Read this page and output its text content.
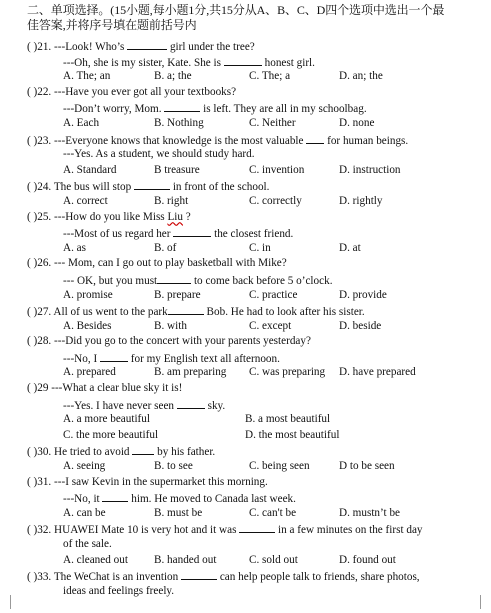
二、单项选择。(15小题,每小题1分,共15分从A、B、C、D四个选项中选出一个最
佳答案,并将序号填在题前括号内
( )21. ---Look! Who’s	girl under the tree?
---Oh, she is my sister, Kate. She is	honest girl.
A. The; an	B. a; the	C. The; a	D. an; the
( )22. ---Have you ever got all your textbooks?
---Don’t worry, Mom.	is left. They are all in my schoolbag.
A. Each	B. Nothing	C. Neither	D. none
( )23. ---Everyone knows that knowledge is the most valuable  for human beings.
---Yes. As a student, we should study hard.
A. Standard	B treasure	C. invention	D. instruction
( )24. The bus will stop	in front of the school.
A. correct	B. right	C. correctly	D. rightly
( )25. ---How do you like Miss Liu ?
---Most of us regard her	the closest friend.
A. as	B. of	C. in	D. at
( )26. --- Mom, can I go out to play basketball with Mike?
--- OK, but you must	to come back before 5 o’clock.
A. promise	B. prepare	C. practice	D. provide
( )27. All of us went to the park	Bob. He had to look after his sister.
A. Besides	B. with	C. except	D. beside
( )28. ---Did you go to the concert with your parents yesterday?
---No, I	for my English text all afternoon.
A. prepared	B. am preparing C. was preparing D. have prepared
( )29 ---What a clear blue sky it is!
---Yes. I have never seen	sky.
A. a more beautiful	B. a most beautiful
C. the more beautiful	D. the most beautiful
( )30. He tried to avoid  by his father.
A. seeing	B. to see	C. being seen	D to be seen
( )31. ---I saw Kevin in the supermarket this morning.
---No, it  him. He moved to Canada last week.
A. can be	B. must be	C. can't be	D. mustn’t be
( )32. HUAWEI Mate 10 is very hot and it was	in a few minutes on the first day
of the sale.
A. cleaned out B. handed out	C. sold out	D. found out
( )33. The WeChat is an invention	can help people talk to friends, share photos,
ideas and feelings freely.
